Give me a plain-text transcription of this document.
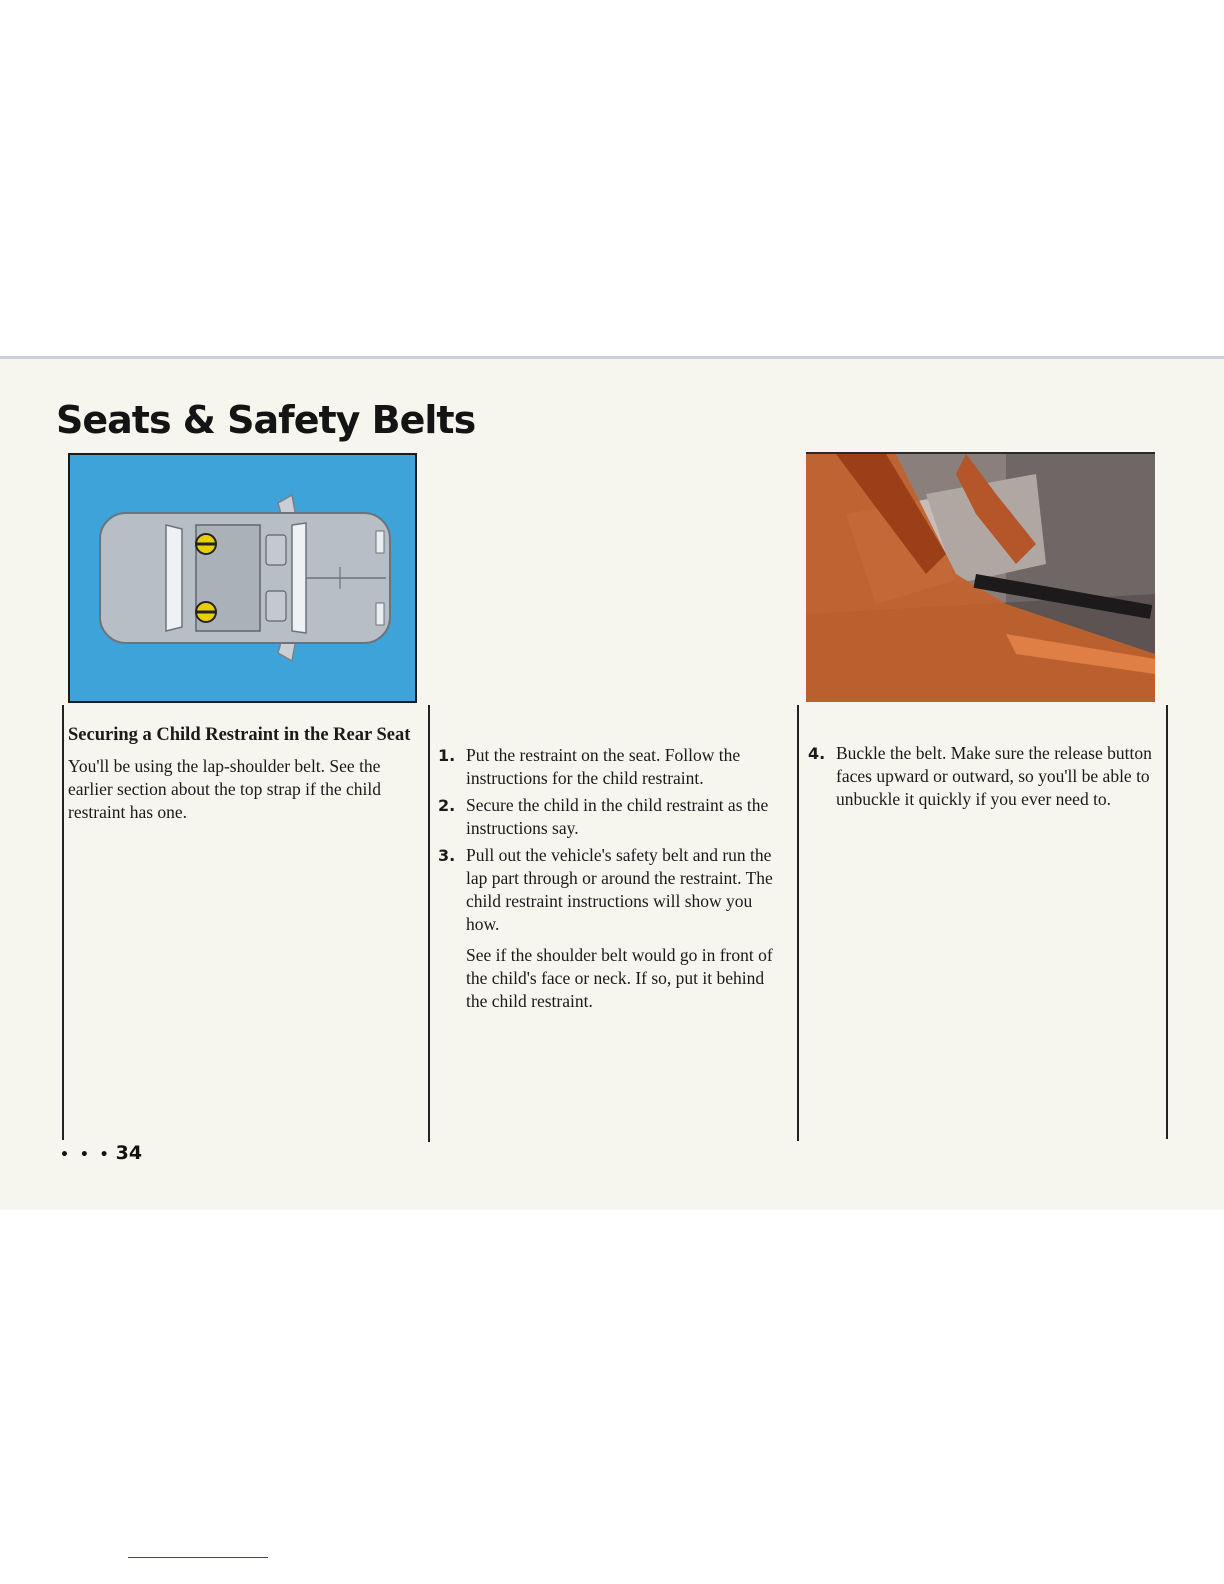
Seats & Safety Belts
Securing a Child Restraint in the Rear Seat

You'll be using the lap-shoulder belt. See the earlier section about the top strap if the child restraint has one.

1. Put the restraint on the seat. Follow the instructions for the child restraint.
2. Secure the child in the child restraint as the instructions say.
3. Pull out the vehicle's safety belt and run the lap part through or around the restraint. The child restraint instructions will show you how.

See if the shoulder belt would go in front of the child's face or neck. If so, put it behind the child restraint.

4. Buckle the belt. Make sure the release button faces upward or outward, so you'll be able to unbuckle it quickly if you ever need to.
• • • 34
